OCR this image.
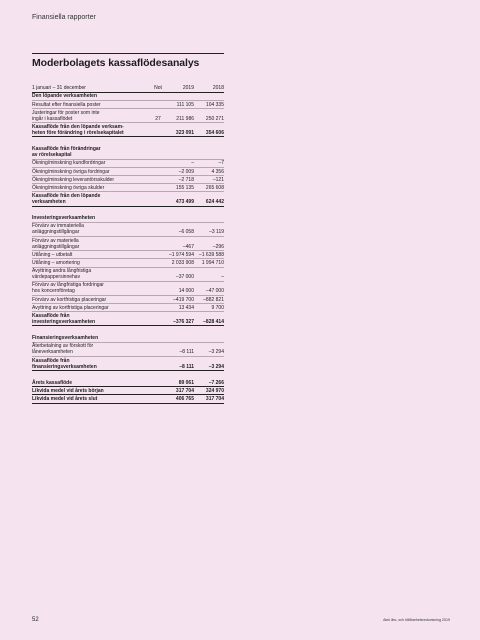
Finansiella rapporter
Moderbolagets kassaflödesanalys
1 januari – 31 december	Not	2019	2018
Den löpande verksamheten
Resultat efter finansiella poster	111 105	104 335
Justeringar för poster som inte
ingår i kassaflödet	27	211 986	250 271
Kassaflöde från den löpande verksam-
heten före förändring i rörelsekapitalet	323 091	354 606
Kassaflöde från förändringar
av rörelsekapital
Ökning/minskning kundfordringar	–	–7
Ökning/minskning övriga fordringar	–2 009	4 356
Ökning/minskning leverantörsskulder	–2 718	–121
Ökning/minskning övriga skulder	155 135	265 608
Kassaflöde från den löpande
verksamheten	473 499	624 442
Investeringsverksamheten
Förvärv av immateriella
anläggningstillgångar	–6 058	–3 119
Förvärv av materiella
anläggningstillgångar	–467	–296
Utlåning – utbetalt	–1 974 594 –1 639 588
Utlåning – amortering	2 033 908	1 994 710
Avyttring andra långfristiga
värdepappersinnehav	–37 000	–
Förvärv av långfristiga fordringar
hos koncernföretag	14 000	–47 000
Förvärv av kortfristiga placeringar	–419 700	–882 821
Avyttring av kortfristiga placeringar	13 434	9 700
Kassaflöde från
investeringsverksamheten	–376 327	–828 414
Finansieringsverksamheten
Återbetalning av förskott för
låneverksamheten	–8 111	–3 294
Kassaflöde från
finansieringsverksamheten	–8 111	–3 294
Årets kassaflöde	89 061	–7 266
Likvida medel vid årets början	317 704	324 970
Likvida medel vid årets slut	406 765	317 704
52	Almi års- och hållbarhetsredovisning 2019
